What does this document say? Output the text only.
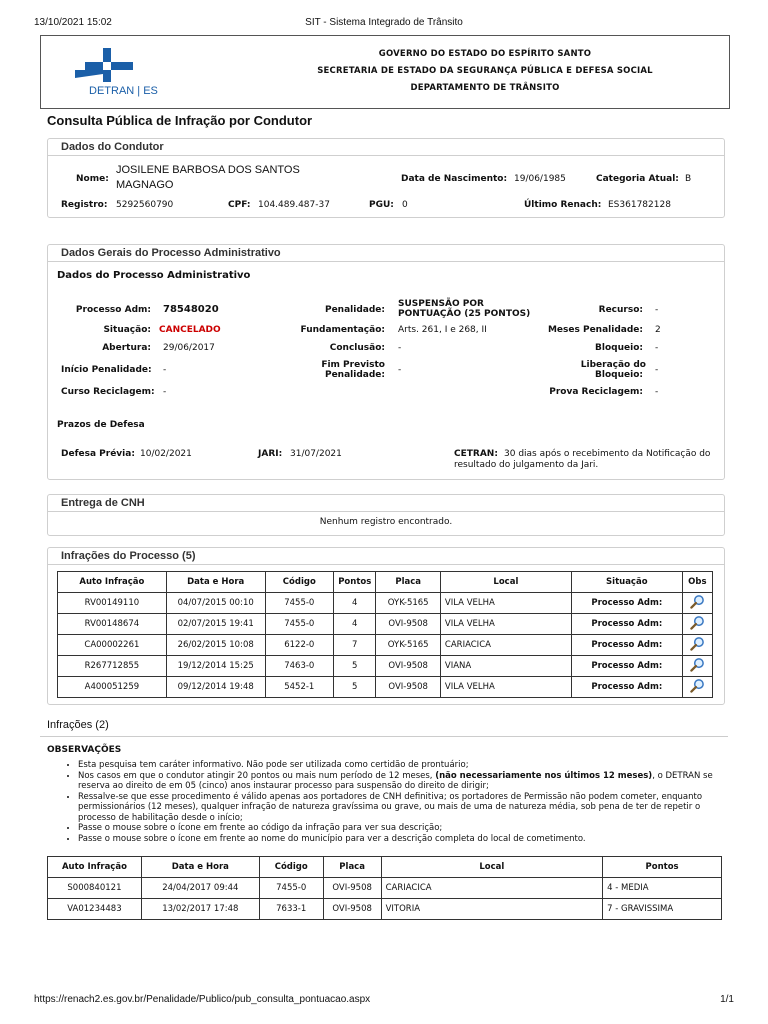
13/10/2021 15:02	SIT - Sistema Integrado de Trânsito
DETRAN | ES
GOVERNO DO ESTADO DO ESPÍRITO SANTO
SECRETARIA DE ESTADO DA SEGURANÇA PÚBLICA E DEFESA SOCIAL
DEPARTAMENTO DE TRÂNSITO
Consulta Pública de Infração por Condutor
Dados do Condutor
Nome:
JOSILENE BARBOSA DOS SANTOS
MAGNAGO	Data de Nascimento: 19/06/1985	Categoria Atual: B
Registro: 5292560790	CPF: 104.489.487-37	PGU: 0	Último Renach: ES361782128
Dados Gerais do Processo Administrativo
Dados do Processo Administrativo
Processo Adm: 78548020	Penalidade:
SUSPENSÃO POR
PONTUAÇÃO (25 PONTOS)	Recurso: -
Situação: CANCELADO	Fundamentação: Arts. 261, I e 268, II	Meses Penalidade: 2
Abertura: 29/06/2017	Conclusão: -	Bloqueio: -
Início Penalidade: -	Fim Previsto
Penalidade: -	Liberação do
Bloqueio: -
Curso Reciclagem: -	Prova Reciclagem: -
Prazos de Defesa
Defesa Prévia: 10/02/2021	JARI: 31/07/2021	CETRAN: 30 dias após o recebimento da Notificação do
resultado do julgamento da Jari.
Entrega de CNH
Nenhum registro encontrado.
Infrações do Processo (5)
Auto Infração	Data e Hora	Código	Pontos	Placa	Local	Situação	Obs
RV00149110	04/07/2015 00:10	7455-0	4	OYK-5165	VILA VELHA	Processo Adm:	
RV00148674	02/07/2015 19:41	7455-0	4	OVI-9508	VILA VELHA	Processo Adm:	
CA00002261	26/02/2015 10:08	6122-0	7	OYK-5165	CARIACICA	Processo Adm:	
R267712855	19/12/2014 15:25	7463-0	5	OVI-9508	VIANA	Processo Adm:	
A400051259	09/12/2014 19:48	5452-1	5	OVI-9508	VILA VELHA	Processo Adm:	
Infrações (2)
OBSERVAÇÕES
• Esta pesquisa tem caráter informativo. Não pode ser utilizada como certidão de prontuário;
• Nos casos em que o condutor atingir 20 pontos ou mais num período de 12 meses, (não necessariamente nos últimos 12 meses), o DETRAN se reserva ao direito de em 05 (cinco) anos instaurar processo para suspensão do direito de dirigir;
• Ressalve-se que esse procedimento é válido apenas aos portadores de CNH definitiva; os portadores de Permissão não podem cometer, enquanto permissionários (12 meses), qualquer infração de natureza gravíssima ou grave, ou mais de uma de natureza média, sob pena de ter de repetir o processo de habilitação desde o início;
• Passe o mouse sobre o ícone em frente ao código da infração para ver sua descrição;
• Passe o mouse sobre o ícone em frente ao nome do município para ver a descrição completa do local de cometimento.
Auto Infração	Data e Hora	Código	Placa	Local	Pontos
S000840121	24/04/2017 09:44	7455-0	OVI-9508	CARIACICA	4 - MEDIA
VA01234483	13/02/2017 17:48	7633-1	OVI-9508	VITORIA	7 - GRAVISSIMA
https://renach2.es.gov.br/Penalidade/Publico/pub_consulta_pontuacao.aspx	1/1
